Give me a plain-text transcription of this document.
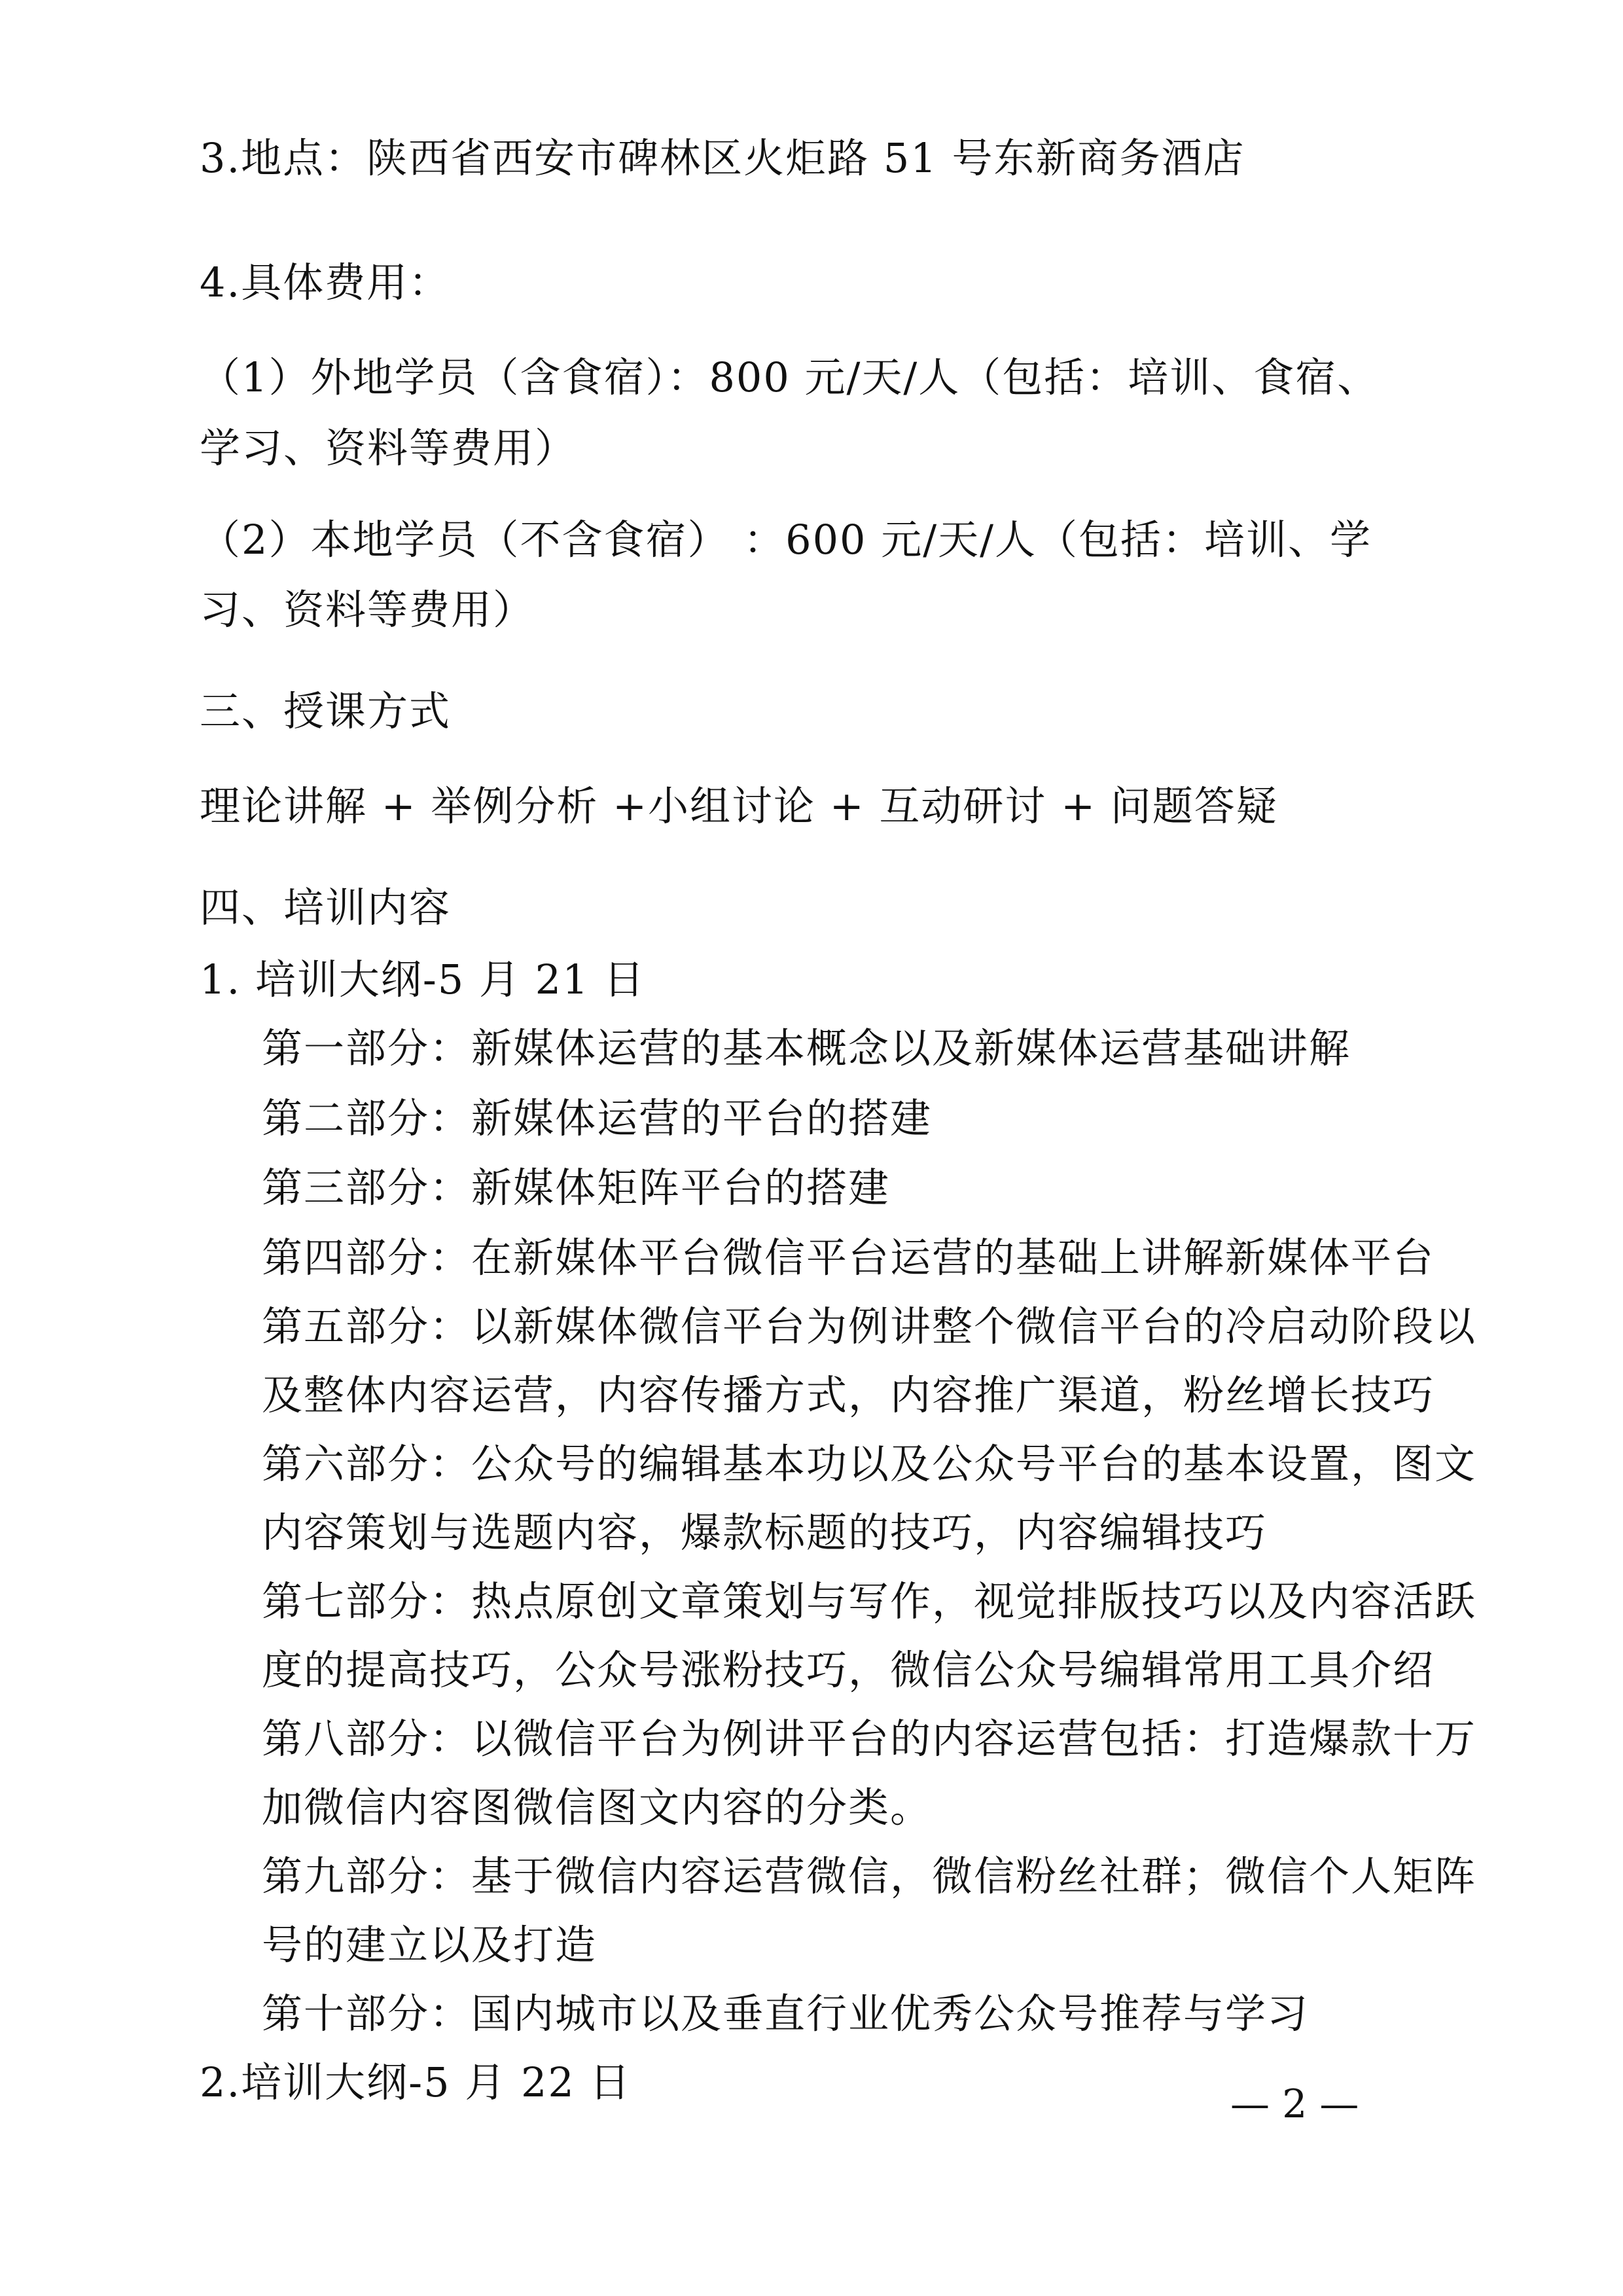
3.地点：陕西省西安市碑林区火炬路 51 号东新商务酒店
4.具体费用：
（1）外地学员（含食宿）：800 元/天/人（包括：培训、食宿、
学习、资料等费用）
（2）本地学员（不含食宿） ：600 元/天/人（包括：培训、学
习、资料等费用）
三、授课方式
理论讲解 + 举例分析 +小组讨论 + 互动研讨 + 问题答疑
四、培训内容
1. 培训大纲-5 月 21 日
第一部分：新媒体运营的基本概念以及新媒体运营基础讲解
第二部分：新媒体运营的平台的搭建
第三部分：新媒体矩阵平台的搭建
第四部分：在新媒体平台微信平台运营的基础上讲解新媒体平台
第五部分：以新媒体微信平台为例讲整个微信平台的冷启动阶段以
及整体内容运营，内容传播方式，内容推广渠道，粉丝增长技巧
第六部分：公众号的编辑基本功以及公众号平台的基本设置，图文
内容策划与选题内容，爆款标题的技巧，内容编辑技巧
第七部分：热点原创文章策划与写作，视觉排版技巧以及内容活跃
度的提高技巧，公众号涨粉技巧，微信公众号编辑常用工具介绍
第八部分：以微信平台为例讲平台的内容运营包括：打造爆款十万
加微信内容图微信图文内容的分类。
第九部分：基于微信内容运营微信，微信粉丝社群；微信个人矩阵
号的建立以及打造
第十部分：国内城市以及垂直行业优秀公众号推荐与学习
2.培训大纲-5 月 22 日	— 2 —
